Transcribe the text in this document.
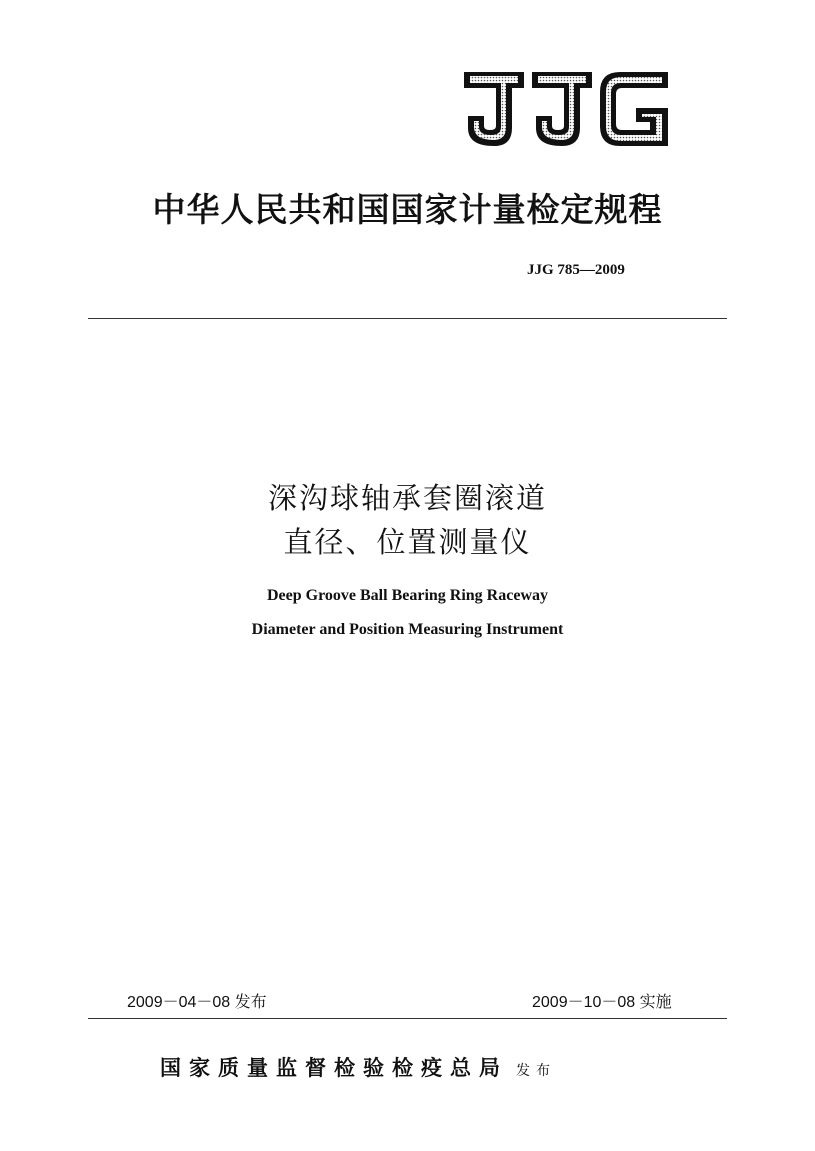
JJG
中华人民共和国国家计量检定规程
JJG 785—2009
深沟球轴承套圈滚道
直径、位置测量仪
Deep Groove Ball Bearing Ring Raceway
Diameter and Position Measuring Instrument
2009－04－08 发布	2009－10－08 实施
国家质量监督检验检疫总局 发布
